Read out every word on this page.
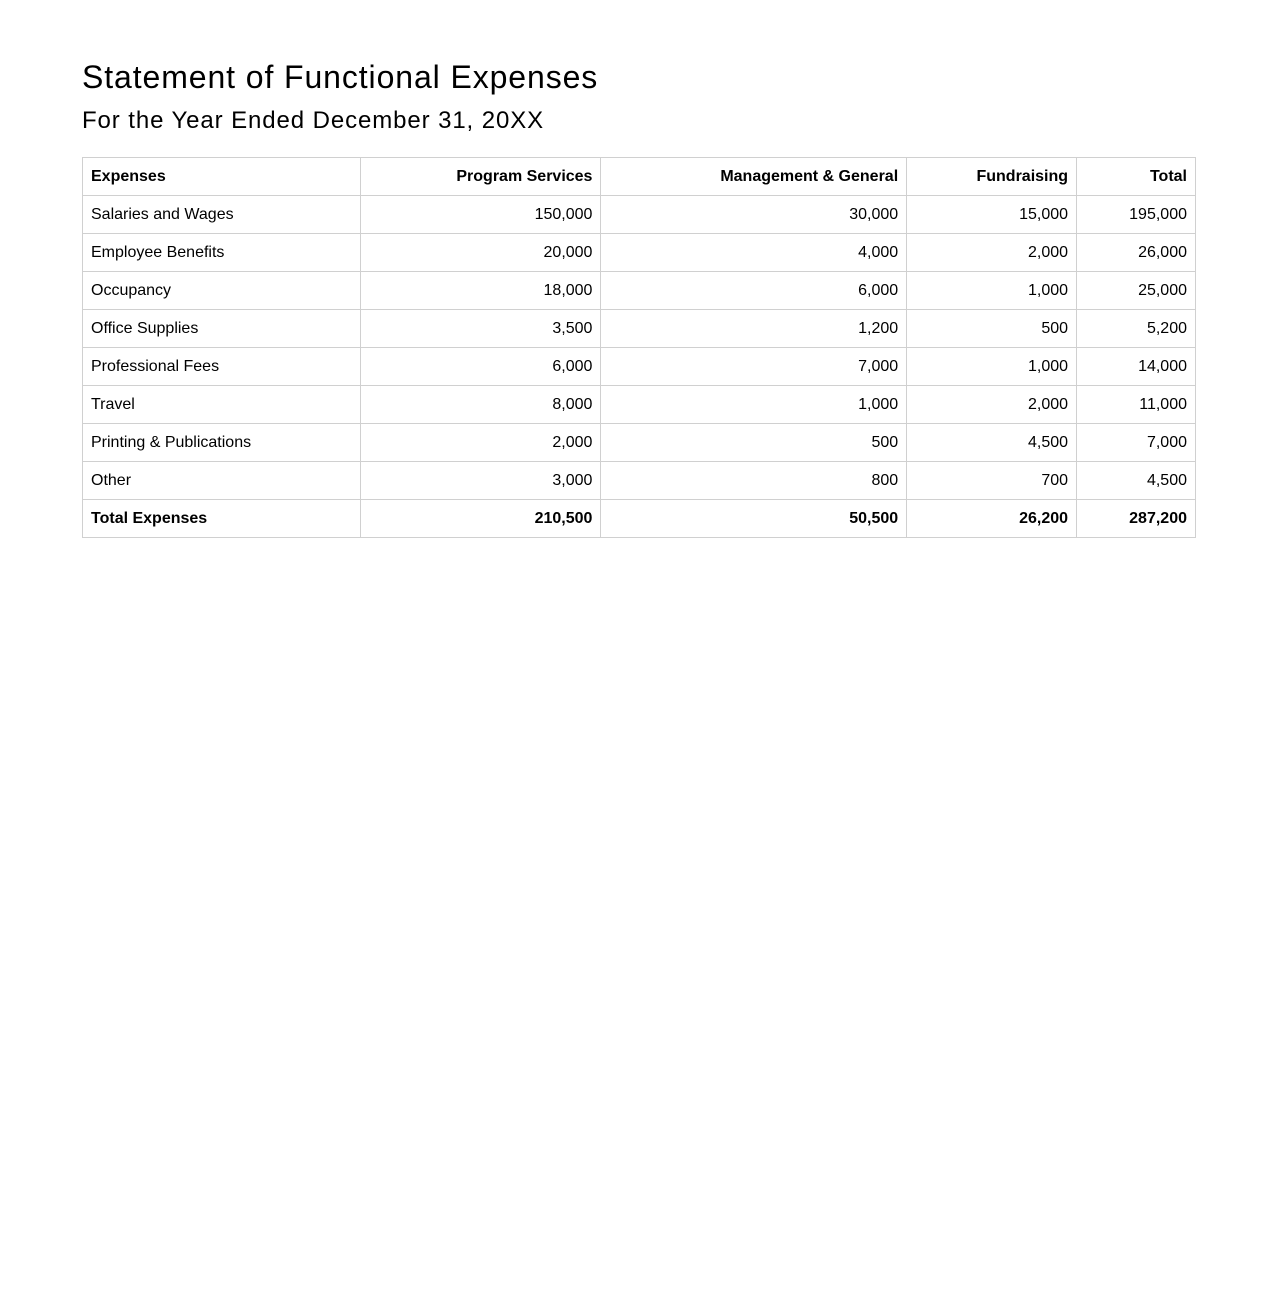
Statement of Functional Expenses
For the Year Ended December 31, 20XX
Expenses	Program Services	Management & General	Fundraising	Total
Salaries and Wages	150,000	30,000	15,000	195,000
Employee Benefits	20,000	4,000	2,000	26,000
Occupancy	18,000	6,000	1,000	25,000
Office Supplies	3,500	1,200	500	5,200
Professional Fees	6,000	7,000	1,000	14,000
Travel	8,000	1,000	2,000	11,000
Printing & Publications	2,000	500	4,500	7,000
Other	3,000	800	700	4,500
Total Expenses	210,500	50,500	26,200	287,200
